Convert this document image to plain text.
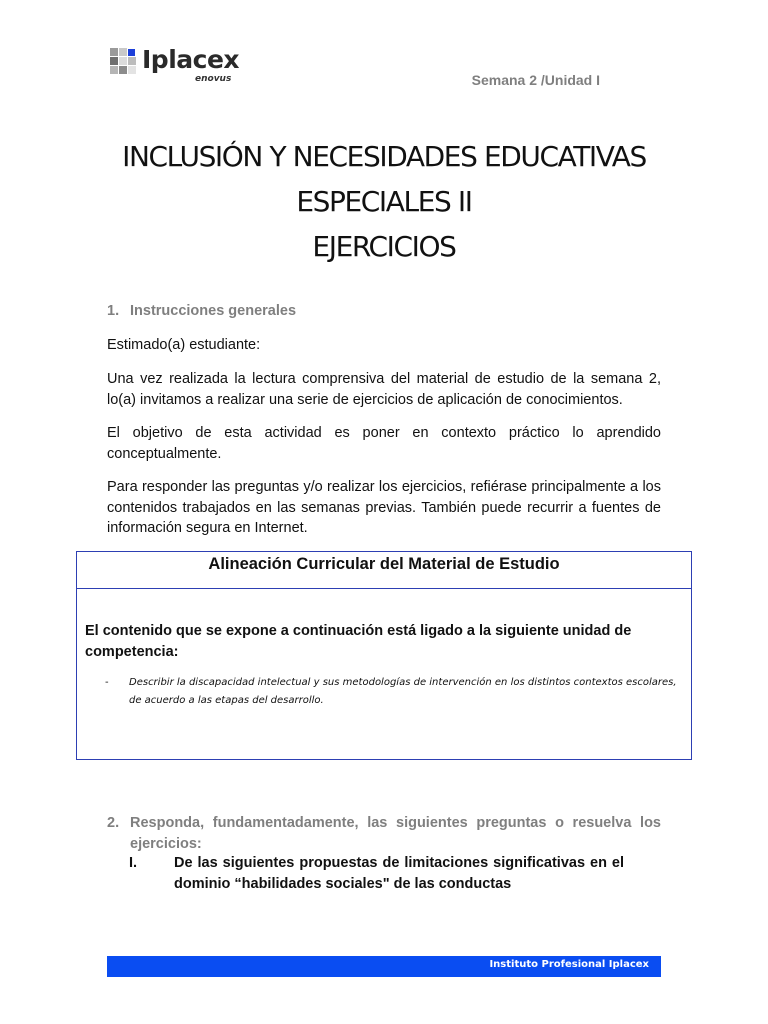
Iplacex
enovus	Semana 2 /Unidad I
INCLUSIÓN Y NECESIDADES EDUCATIVAS
ESPECIALES II
EJERCICIOS
1. Instrucciones generales

Estimado(a) estudiante:

Una vez realizada la lectura comprensiva del material de estudio de la semana 2, lo(a) invitamos a realizar una serie de ejercicios de aplicación de conocimientos.

El objetivo de esta actividad es poner en contexto práctico lo aprendido conceptualmente.

Para responder las preguntas y/o realizar los ejercicios, refiérase principalmente a los contenidos trabajados en las semanas previas. También puede recurrir a fuentes de información segura en Internet.

Alineación Curricular del Material de Estudio
El contenido que se expone a continuación está ligado a la siguiente unidad de competencia:
-	Describir la discapacidad intelectual y sus metodologías de intervención en los distintos contextos escolares, de acuerdo a las etapas del desarrollo.
2. Responda, fundamentadamente, las siguientes preguntas o resuelva los ejercicios:
I.	De las siguientes propuestas de limitaciones significativas en el dominio “habilidades sociales" de las conductas
Instituto Profesional Iplacex
